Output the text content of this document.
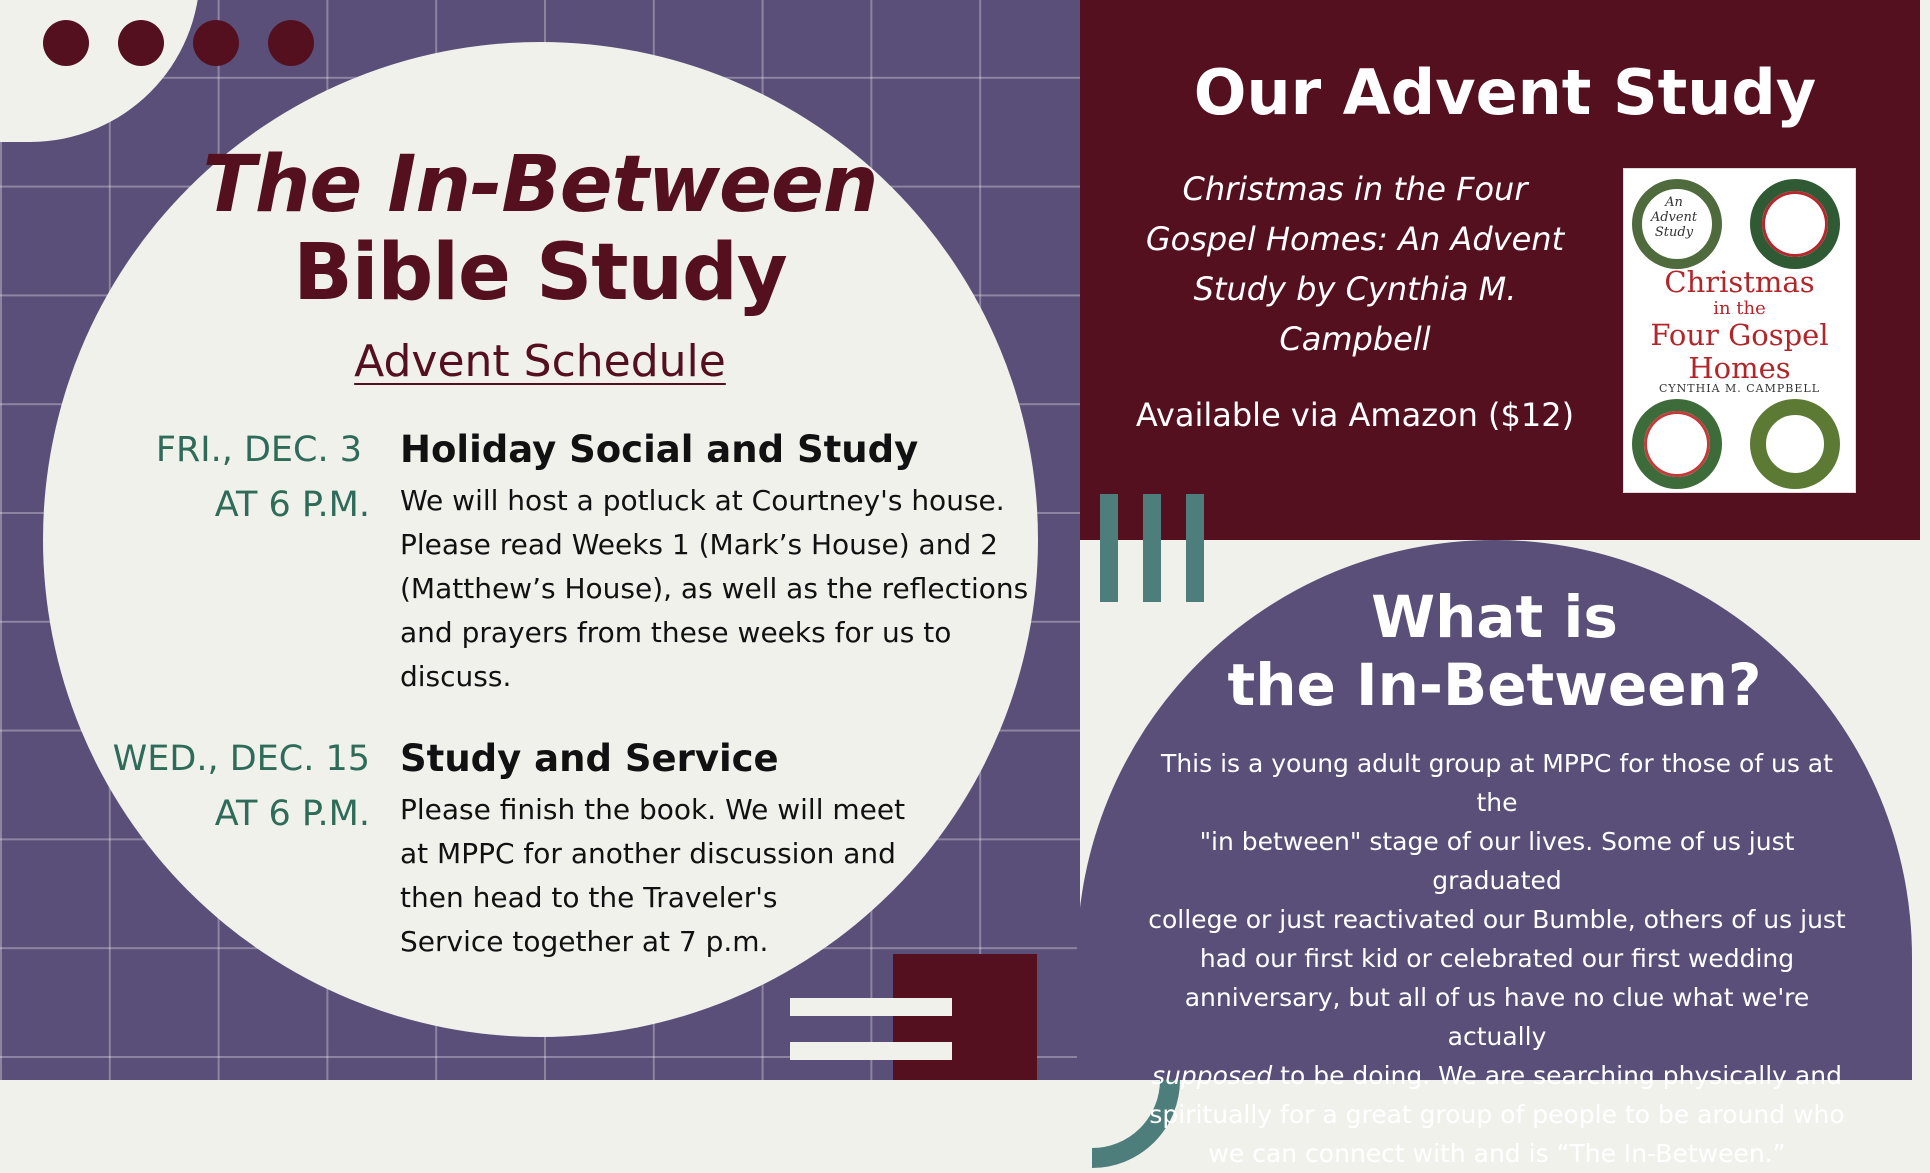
The In-Between
Bible Study
Advent Schedule
FRI., DEC. 3
AT 6 P.M.
Holiday Social and Study
We will host a potluck at Courtney's house.
Please read Weeks 1 (Mark’s House) and 2
(Matthew’s House), as well as the reflections
and prayers from these weeks for us to
discuss.
WED., DEC. 15
AT 6 P.M.
Study and Service
Please finish the book. We will meet
at MPPC for another discussion and
then head to the Traveler's
Service together at 7 p.m.
Our Advent Study
Christmas in the Four
Gospel Homes: An Advent
Study by Cynthia M.
Campbell
Available via Amazon ($12)
An
Advent
Study
Christmas
in the
Four Gospel
Homes
CYNTHIA M. CAMPBELL
What is
the In-Between?
This is a young adult group at MPPC for those of us at the
"in between" stage of our lives. Some of us just graduated
college or just reactivated our Bumble, others of us just
had our first kid or celebrated our first wedding
anniversary, but all of us have no clue what we're actually
supposed to be doing. We are searching physically and
spiritually for a great group of people to be around who
we can connect with and is “The In-Between.”
